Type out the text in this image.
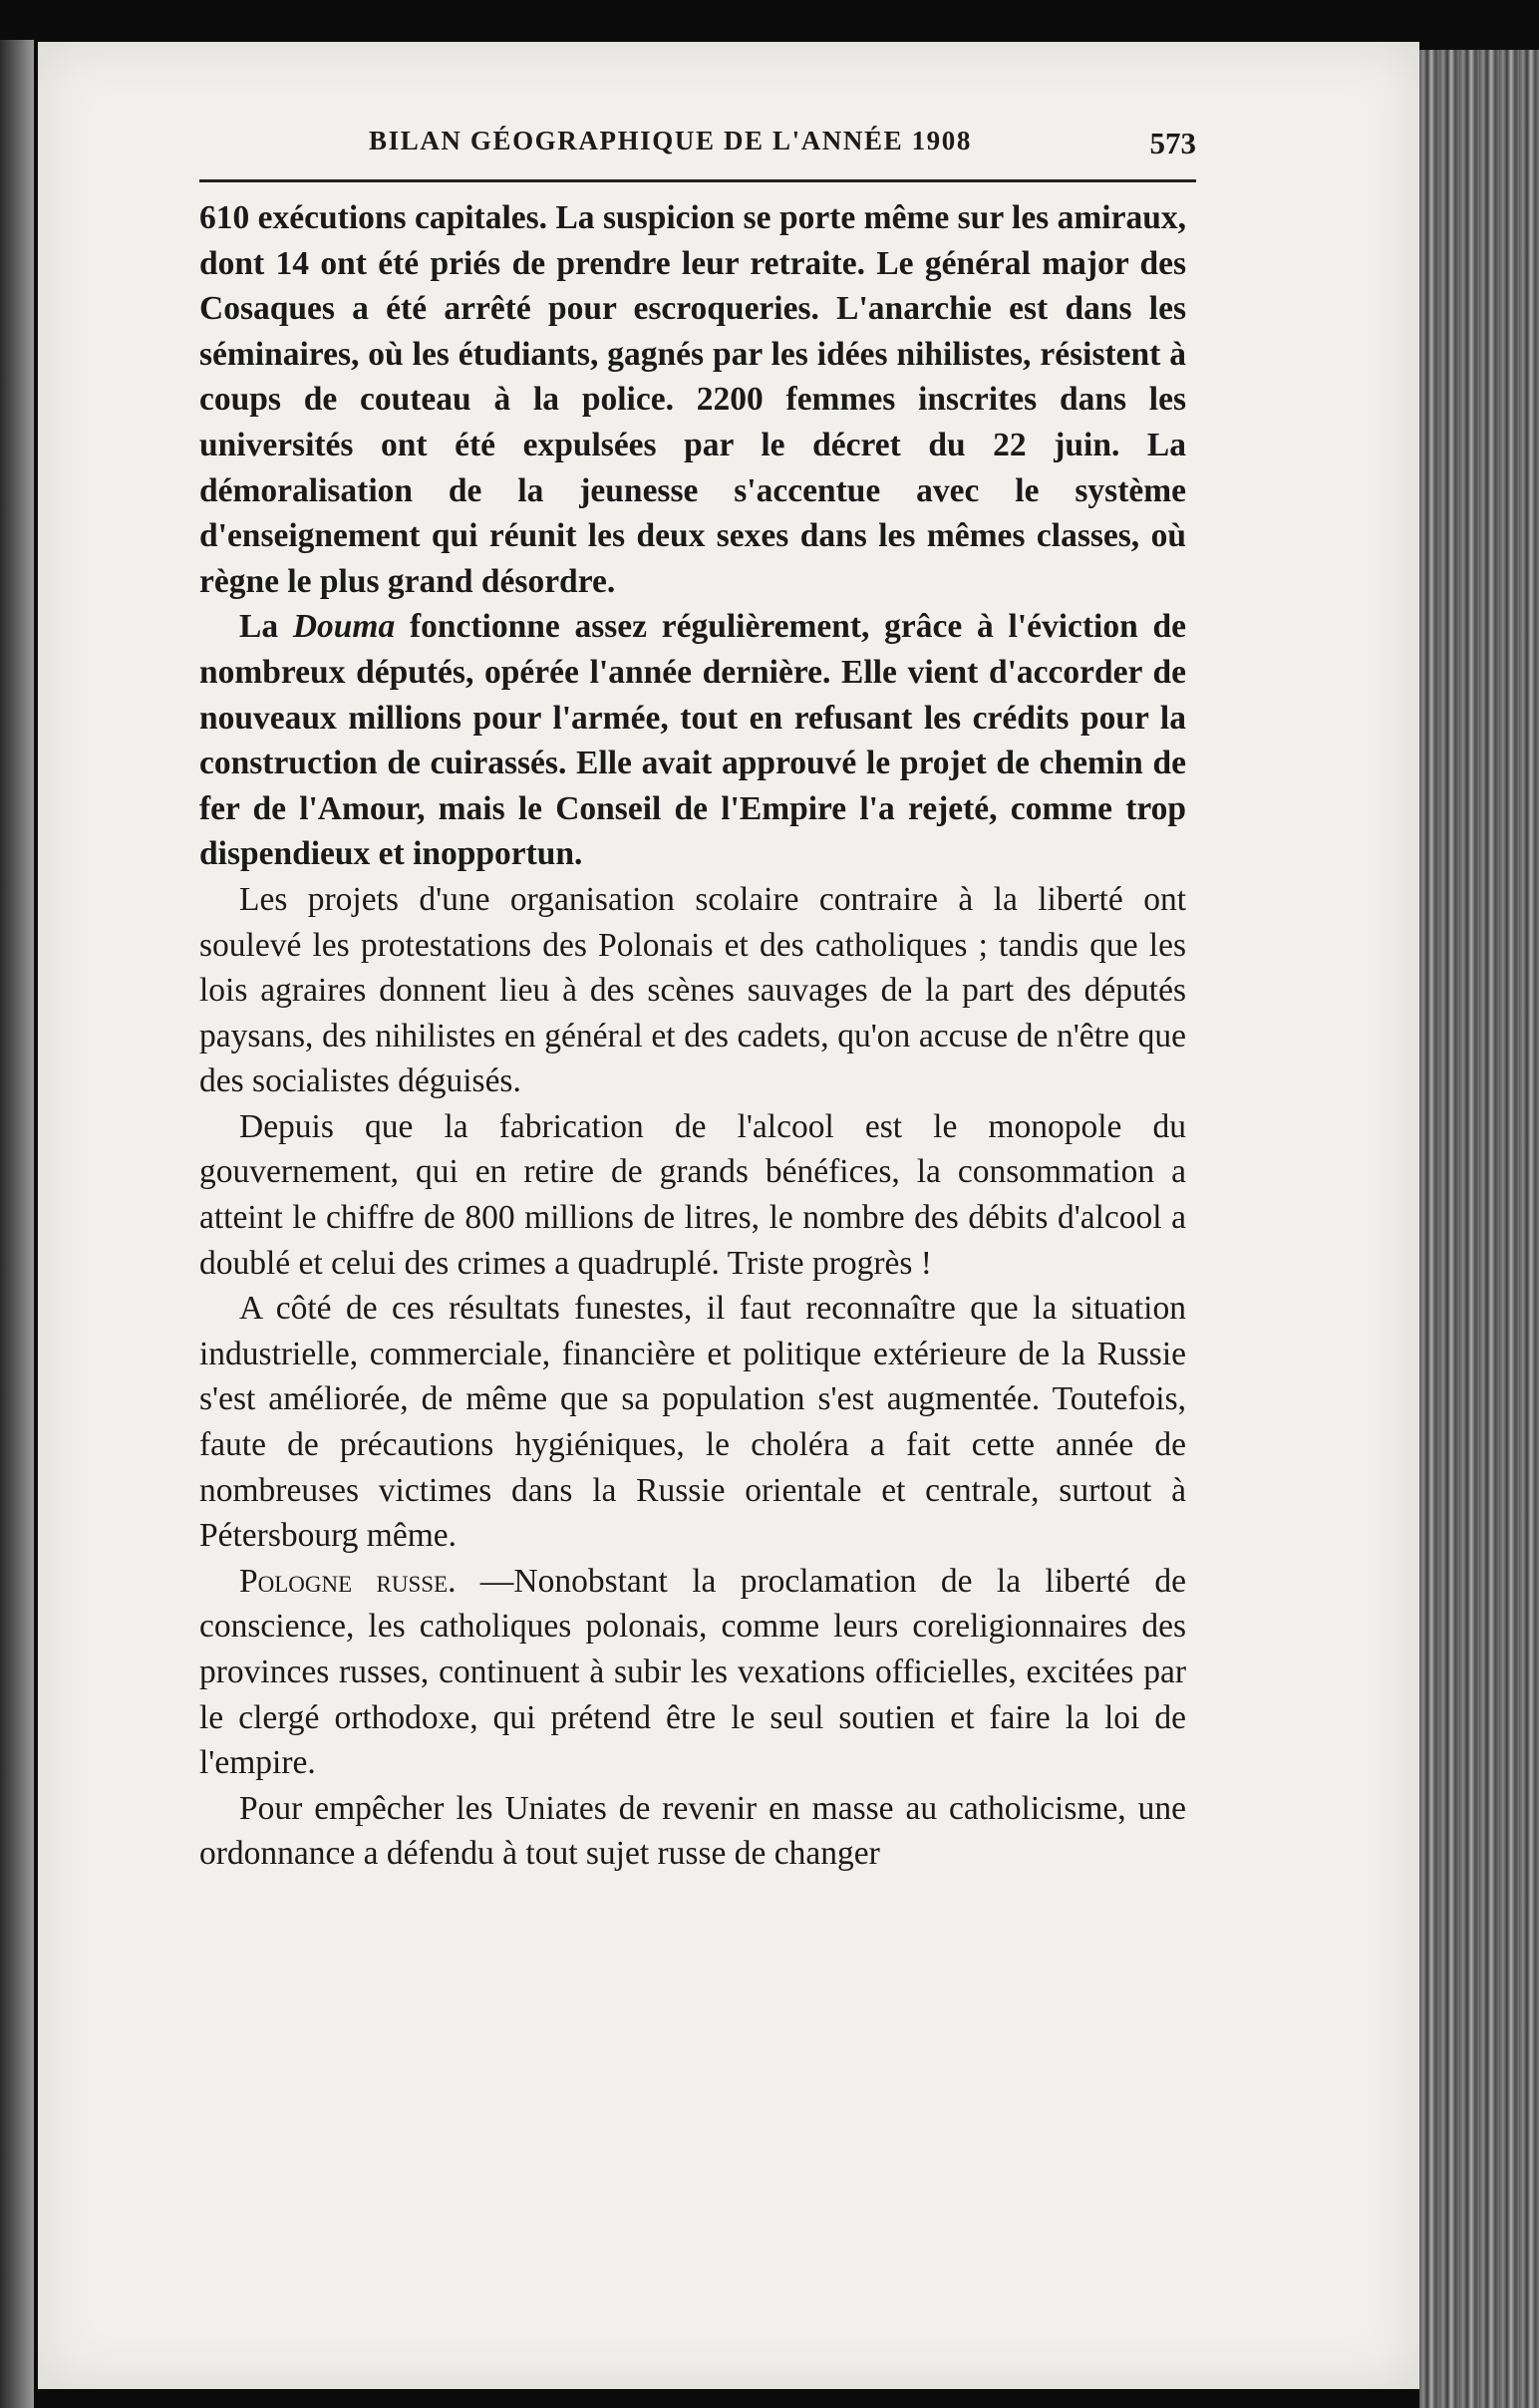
BILAN GÉOGRAPHIQUE DE L'ANNÉE 1908	573

610 exécutions capitales. La suspicion se porte même sur les amiraux, dont 14 ont été priés de prendre leur retraite. Le général major des Cosaques a été arrêté pour escroqueries. L'anarchie est dans les séminaires, où les étudiants, gagnés par les idées nihilistes, résistent à coups de couteau à la police. 2200 femmes inscrites dans les universités ont été expulsées par le décret du 22 juin. La démoralisation de la jeunesse s'accentue avec le système d'enseignement qui réunit les deux sexes dans les mêmes classes, où règne le plus grand désordre.

La Douma fonctionne assez régulièrement, grâce à l'éviction de nombreux députés, opérée l'année dernière. Elle vient d'accorder de nouveaux millions pour l'armée, tout en refusant les crédits pour la construction de cuirassés. Elle avait approuvé le projet de chemin de fer de l'Amour, mais le Conseil de l'Empire l'a rejeté, comme trop dispendieux et inopportun.

Les projets d'une organisation scolaire contraire à la liberté ont soulevé les protestations des Polonais et des catholiques ; tandis que les lois agraires donnent lieu à des scènes sauvages de la part des députés paysans, des nihilistes en général et des cadets, qu'on accuse de n'être que des socialistes déguisés.

Depuis que la fabrication de l'alcool est le monopole du gouvernement, qui en retire de grands bénéfices, la consommation a atteint le chiffre de 800 millions de litres, le nombre des débits d'alcool a doublé et celui des crimes a quadruplé. Triste progrès !

A côté de ces résultats funestes, il faut reconnaître que la situation industrielle, commerciale, financière et politique extérieure de la Russie s'est améliorée, de même que sa population s'est augmentée. Toutefois, faute de précautions hygiéniques, le choléra a fait cette année de nombreuses victimes dans la Russie orientale et centrale, surtout à Pétersbourg même.

Pologne russe. —Nonobstant la proclamation de la liberté de conscience, les catholiques polonais, comme leurs coreligionnaires des provinces russes, continuent à subir les vexations officielles, excitées par le clergé orthodoxe, qui prétend être le seul soutien et faire la loi de l'empire.

Pour empêcher les Uniates de revenir en masse au catholicisme, une ordonnance a défendu à tout sujet russe de changer
